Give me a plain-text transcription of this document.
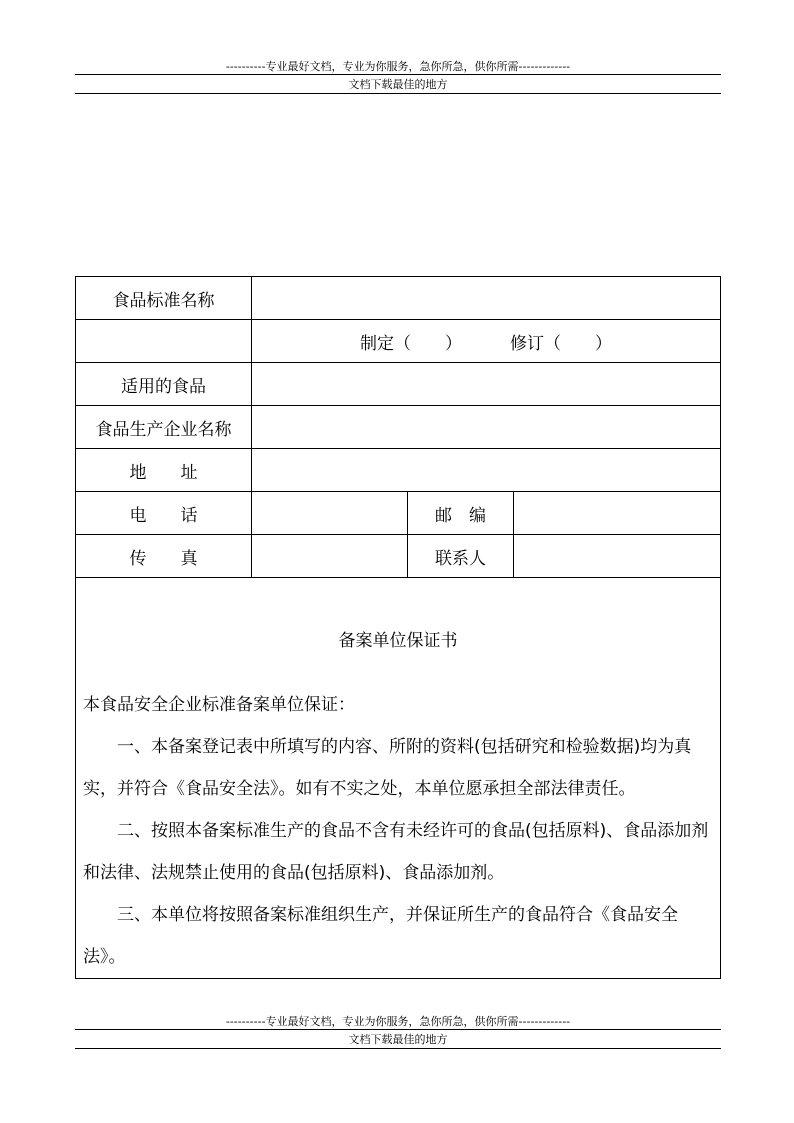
----------专业最好文档，专业为你服务，急你所急，供你所需-------------
文档下载最佳的地方
食品标准名称			
	制定（　　） 修订（　　）		
适用的食品			
食品生产企业名称			
地 址			
电 话		邮 编	
传 真		联系人	

备案单位保证书

本食品安全企业标准备案单位保证：

一、本备案登记表中所填写的内容、所附的资料(包括研究和检验数据)均为真实，并符合《食品安全法》。如有不实之处，本单位愿承担全部法律责任。

二、按照本备案标准生产的食品不含有未经许可的食品(包括原料)、食品添加剂和法律、法规禁止使用的食品(包括原料)、食品添加剂。

三、本单位将按照备案标准组织生产，并保证所生产的食品符合《食品安全法》。			

----------专业最好文档，专业为你服务，急你所急，供你所需-------------
文档下载最佳的地方
